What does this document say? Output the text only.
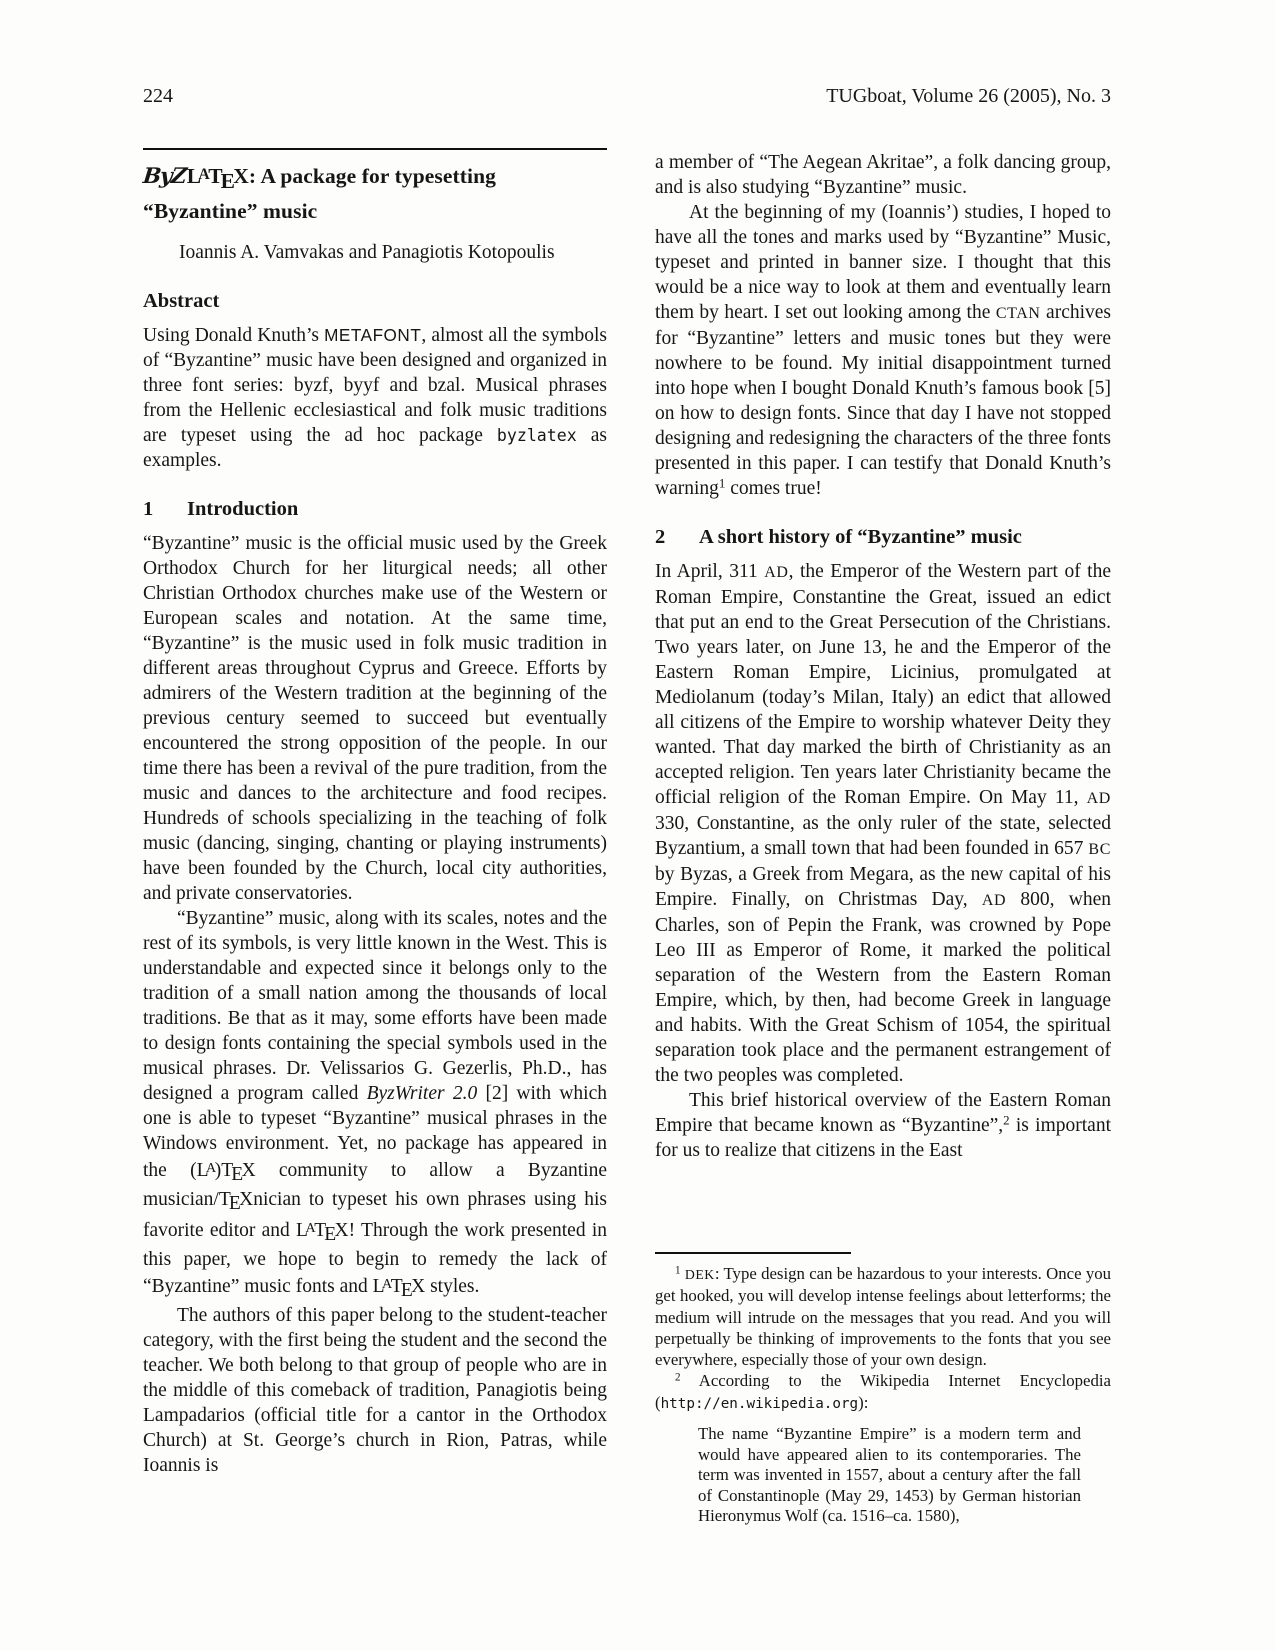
224	TUGboat, Volume 26 (2005), No. 3
ByZLATEX: A package for typesetting “Byzantine” music

Ioannis A. Vamvakas and Panagiotis Kotopoulis

Abstract

Using Donald Knuth’s METAFONT, almost all the symbols of “Byzantine” music have been designed and organized in three font series: byzf, byyf and bzal. Musical phrases from the Hellenic ecclesiastical and folk music traditions are typeset using the ad hoc package byzlatex as examples.

1 Introduction

“Byzantine” music is the official music used by the Greek Orthodox Church for her liturgical needs; all other Christian Orthodox churches make use of the Western or European scales and notation. At the same time, “Byzantine” is the music used in folk music tradition in different areas throughout Cyprus and Greece. Efforts by admirers of the Western tradition at the beginning of the previous century seemed to succeed but eventually encountered the strong opposition of the people. In our time there has been a revival of the pure tradition, from the music and dances to the architecture and food recipes. Hundreds of schools specializing in the teaching of folk music (dancing, singing, chanting or playing instruments) have been founded by the Church, local city authorities, and private conservatories.

“Byzantine” music, along with its scales, notes and the rest of its symbols, is very little known in the West. This is understandable and expected since it belongs only to the tradition of a small nation among the thousands of local traditions. Be that as it may, some efforts have been made to design fonts containing the special symbols used in the musical phrases. Dr. Velissarios G. Gezerlis, Ph.D., has designed a program called ByzWriter 2.0 [2] with which one is able to typeset “Byzantine” musical phrases in the Windows environment. Yet, no package has appeared in the (LA)TEX community to allow a Byzantine musician/TEXnician to typeset his own phrases using his favorite editor and LATEX! Through the work presented in this paper, we hope to begin to remedy the lack of “Byzantine” music fonts and LATEX styles.

The authors of this paper belong to the student-teacher category, with the first being the student and the second the teacher. We both belong to that group of people who are in the middle of this comeback of tradition, Panagiotis being Lampadarios (official title for a cantor in the Orthodox Church) at St. George’s church in Rion, Patras, while Ioannis is

a member of “The Aegean Akritae”, a folk dancing group, and is also studying “Byzantine” music.

At the beginning of my (Ioannis’) studies, I hoped to have all the tones and marks used by “Byzantine” Music, typeset and printed in banner size. I thought that this would be a nice way to look at them and eventually learn them by heart. I set out looking among the CTAN archives for “Byzantine” letters and music tones but they were nowhere to be found. My initial disappointment turned into hope when I bought Donald Knuth’s famous book [5] on how to design fonts. Since that day I have not stopped designing and redesigning the characters of the three fonts presented in this paper. I can testify that Donald Knuth’s warning$^1$ comes true!

2 A short history of “Byzantine” music

In April, 311 AD, the Emperor of the Western part of the Roman Empire, Constantine the Great, issued an edict that put an end to the Great Persecution of the Christians. Two years later, on June 13, he and the Emperor of the Eastern Roman Empire, Licinius, promulgated at Mediolanum (today’s Milan, Italy) an edict that allowed all citizens of the Empire to worship whatever Deity they wanted. That day marked the birth of Christianity as an accepted religion. Ten years later Christianity became the official religion of the Roman Empire. On May 11, AD 330, Constantine, as the only ruler of the state, selected Byzantium, a small town that had been founded in 657 BC by Byzas, a Greek from Megara, as the new capital of his Empire. Finally, on Christmas Day, AD 800, when Charles, son of Pepin the Frank, was crowned by Pope Leo III as Emperor of Rome, it marked the political separation of the Western from the Eastern Roman Empire, which, by then, had become Greek in language and habits. With the Great Schism of 1054, the spiritual separation took place and the permanent estrangement of the two peoples was completed.

This brief historical overview of the Eastern Roman Empire that became known as “Byzantine”,$^2$ is important for us to realize that citizens in the East

$^1$ DEK: Type design can be hazardous to your interests. Once you get hooked, you will develop intense feelings about letterforms; the medium will intrude on the messages that you read. And you will perpetually be thinking of improvements to the fonts that you see everywhere, especially those of your own design.

$^2$ According to the Wikipedia Internet Encyclopedia (http://en.wikipedia.org):

The name “Byzantine Empire” is a modern term and would have appeared alien to its contemporaries. The term was invented in 1557, about a century after the fall of Constantinople (May 29, 1453) by German historian Hieronymus Wolf (ca. 1516–ca. 1580),
